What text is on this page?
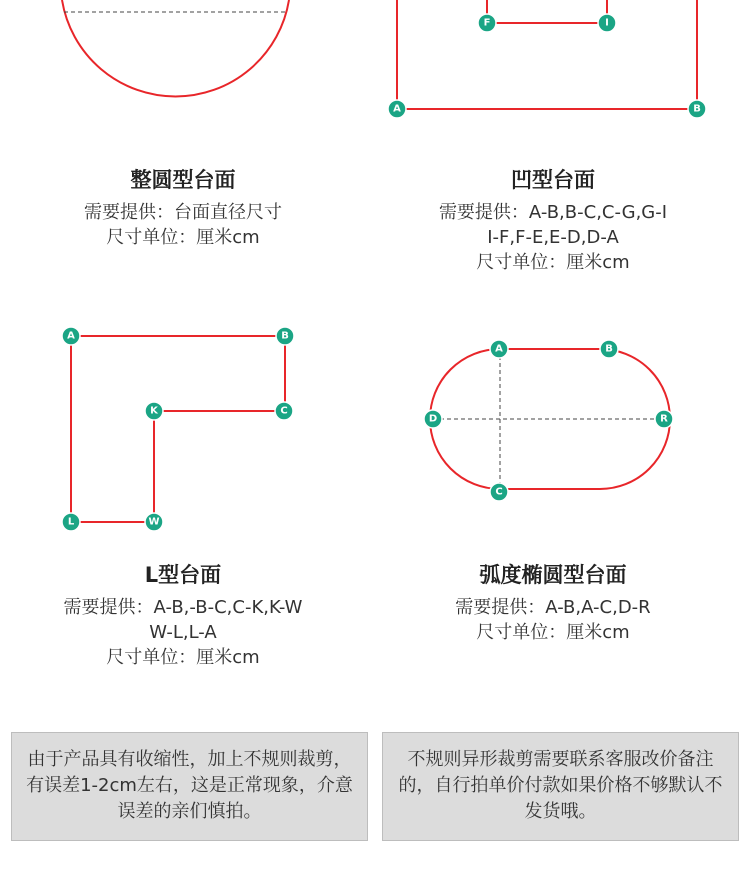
F	I
A	B
A	B
K	C
L	W
A	B
D	R
C
整圆型台面
需要提供：台面直径尺寸
尺寸单位：厘米cm
凹型台面
需要提供：A-B,B-C,C-G,G-I
I-F,F-E,E-D,D-A
尺寸单位：厘米cm
L型台面
需要提供：A-B,-B-C,C-K,K-W
W-L,L-A
尺寸单位：厘米cm
弧度椭圆型台面
需要提供：A-B,A-C,D-R
尺寸单位：厘米cm
由于产品具有收缩性，加上不规则裁剪，有误差1-2cm左右，这是正常现象，介意误差的亲们慎拍。
不规则异形裁剪需要联系客服改价备注的，自行拍单价付款如果价格不够默认不发货哦。
